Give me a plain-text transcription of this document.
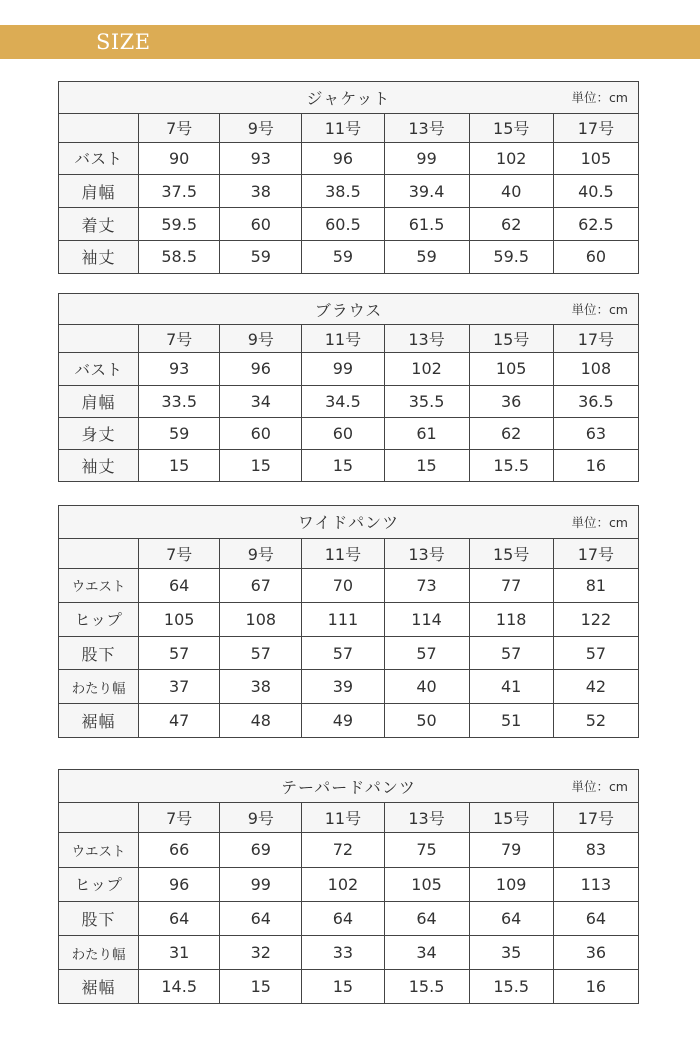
SIZE
ジャケット 単位：cm						

	7号	9号	11号	13号	15号	17号
バスト	90	93	96	99	102	105
肩幅	37.5	38	38.5	39.4	40	40.5
着丈	59.5	60	60.5	61.5	62	62.5
袖丈	58.5	59	59	59	59.5	60
ブラウス 単位：cm						

	7号	9号	11号	13号	15号	17号
バスト	93	96	99	102	105	108
肩幅	33.5	34	34.5	35.5	36	36.5
身丈	59	60	60	61	62	63
袖丈	15	15	15	15	15.5	16
ワイドパンツ 単位：cm						

	7号	9号	11号	13号	15号	17号
ウエスト	64	67	70	73	77	81
ヒップ	105	108	111	114	118	122
股下	57	57	57	57	57	57
わたり幅	37	38	39	40	41	42
裾幅	47	48	49	50	51	52
テーパードパンツ 単位：cm						

	7号	9号	11号	13号	15号	17号
ウエスト	66	69	72	75	79	83
ヒップ	96	99	102	105	109	113
股下	64	64	64	64	64	64
わたり幅	31	32	33	34	35	36
裾幅	14.5	15	15	15.5	15.5	16
